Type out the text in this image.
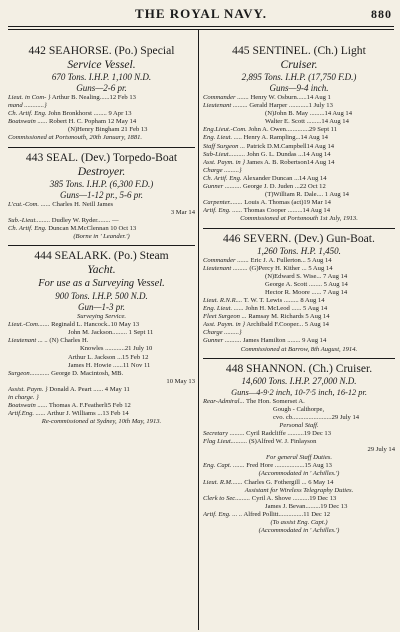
THE ROYAL NAVY.	880
442 SEAHORSE. (Po.) Special
Service Vessel.
670 Tons. I.H.P. 1,100 N.D.
Guns—2-6 pr.
Lieut. in Com- } Arthur B. Nealing......12 Feb 13
mand ............}
Ch. Artif. Eng. John Bronkhorst ........ 9 Apr 13
Boatswain ...... Robert H. C. Popham 12 May 14
(N)Henry Bingham 21 Feb 13
Commissioned at Portsmouth, 20th January, 1881.
443 SEAL. (Dev.) Torpedo-Boat
Destroyer.
385 Tons. I.H.P. (6,300 F.D.)
Guns—1-12 pr., 5-6 pr.
L'cut.-Com. ...... Charles H. Neill James
3 Mar 14
Sub.-Lieut......... Dudley W. Ryder........ —
Ch. Artif. Eng. Duncan M.McClennan 10 Oct 13
(Borne in ' Leander.')
444 SEALARK. (Po.) Steam
Yacht.
For use as a Surveying Vessel.
900 Tons. I.H.P. 500 N.D.
Gun—1-3 pr.
Surveying Service.
Lieut.-Com....... Reginald L. Hancock..10 May 13
John M. Jackson......... 1 Sept 11
Lieutenant ... .. (N) Charles H.
Knowles ............21 July 10
Arthur L. Jackson ...15 Feb 12
James H. Howie ......11 Nov 11
Surgeon............ George D. Macintosh, MB.
10 May 13
Assist. Paym. } Donald A. Peart ...... 4 May 11
in charge. }
Boatswain ...... Thomas A. F.Featherli5 Feb 12
Artif.Eng. ...... Arthur J. Williams ...13 Feb 14
Re-commissioned at Sydney, 10th May, 1913.
445 SENTINEL. (Ch.) Light
Cruiser.
2,895 Tons. I.H.P. (17,750 F.D.)
Guns—9-4 inch.
Commander ....... Henry W. Osburn......14 Aug 1
Lieutenant ......... Gerald Harper ............1 July 13
(N)John B. May .........14 Aug 14
Walter E. Scott .........14 Aug 14
Eng.Lieut.-Com. John A. Owen..............29 Sept 11
Eng. Lieut. ..... Henry A. Rampling...14 Aug 14
Staff Surgeon ... Patrick D.M.Campbell14 Aug 14
Sub-Lieut.......... John G. L. Dundas ...14 Aug 14
Asst. Paym. in } James A. B. Robertson14 Aug 14
Charge .........}
Ch. Artif. Eng. Alexander Duncan ...14 Aug 14
Gunner .......... George J. D. Juden ...22 Oct 12
(T)William R. Dale.... 1 Aug 14
Carpenter........ Louis A. Thomas (act)19 Mar 14
Artif. Eng. ...... Thomas Cooper .........14 Aug 14
Commissioned at Portsmouth 1st July, 1913.
446 SEVERN. (Dev.) Gun-Boat.
1,260 Tons. H.P. 1,450.
Commander ....... Eric J. A. Fullerton... 5 Aug 14
Lieutenant ......... (G)Percy H. Kither ... 5 Aug 14
(N)Edward S. Wise... 7 Aug 14
George A. Scott ........ 5 Aug 14
Hector R. Moore ...... 7 Aug 14
Lieut. R.N.R.... T. W. T. Lewis ......... 8 Aug 14
Eng. Lieut. ...... John H. McLeod ...... 5 Aug 14
Fleet Surgeon ... Ramsay M. Richards 5 Aug 14
Asst. Paym. in } Archibald F.Cooper... 5 Aug 14
Charge .........}
Gunner .......... James Hamilton ........ 9 Aug 14
Commissioned at Barrow, 8th August, 1914.
448 SHANNON. (Ch.) Cruiser.
14,600 Tons. I.H.P. 27,000 N.D.
Guns—4-9·2 inch, 10-7·5 inch, 16-12 pr.
Rear-Admiral... The Hon. Somerset A.
Gough - Calthorpe,
cvo. cb........................29 July 14
Personal Staff.
Secretary ......... Cyril Radcliffe ..........19 Dec 13
Flag Lieut.......... (S)Alfred W. J. Finlayson
29 July 14
For general Staff Duties.
Eng. Capt. ....... Fred Hore ..................15 Aug 13
(Accommodated in ' Achilles.')
Lieut. R.M....... Charles G. Fothergill ... 6 May 14
Assistant for Wireless Telegraphy Duties.
Clerk to Sec......... Cyril A. Shove ..........19 Dec 13
James J. Bevan.........19 Dec 13
Artif. Eng. ... .. Alfred Pollitt...............11 Dec 12
(To assist Eng. Capt.)
(Accommodated in ' Achilles.')
